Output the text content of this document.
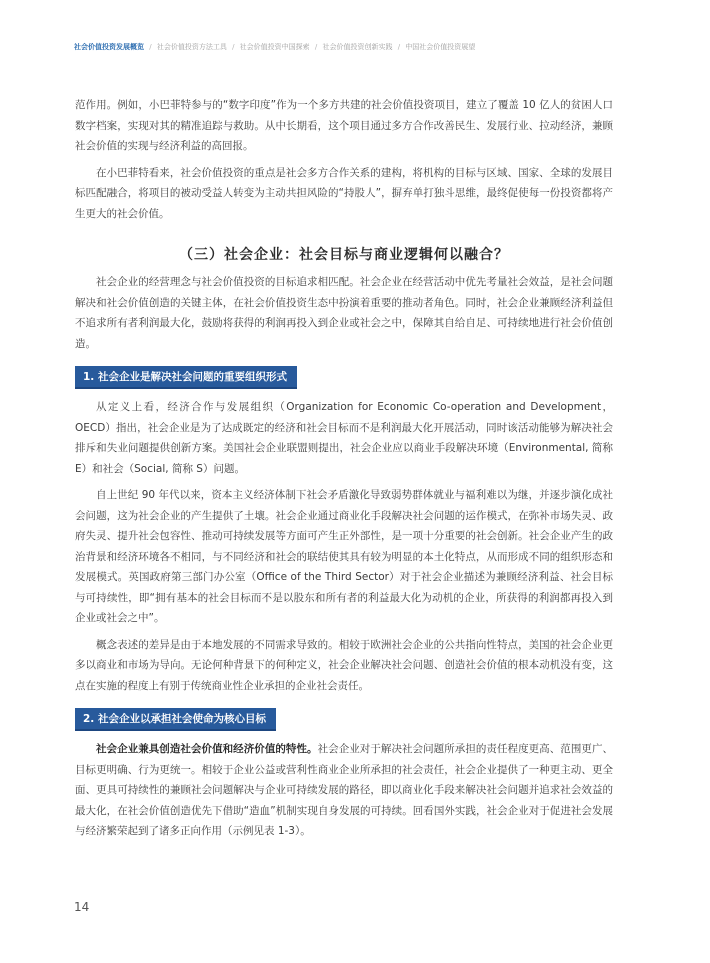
社会价值投资发展概览 / 社会价值投资方法工具 / 社会价值投资中国探索 / 社会价值投资创新实践 / 中国社会价值投资展望

范作用。例如，小巴菲特参与的“数字印度”作为一个多方共建的社会价值投资项目，建立了覆盖 10 亿人的贫困人口数字档案，实现对其的精准追踪与救助。从中长期看，这个项目通过多方合作改善民生、发展行业、拉动经济，兼顾社会价值的实现与经济利益的高回报。

在小巴菲特看来，社会价值投资的重点是社会多方合作关系的建构，将机构的目标与区域、国家、全球的发展目标匹配融合，将项目的被动受益人转变为主动共担风险的“持股人”，摒弃单打独斗思维，最终促使每一份投资都将产生更大的社会价值。

（三）社会企业：社会目标与商业逻辑何以融合？

社会企业的经营理念与社会价值投资的目标追求相匹配。社会企业在经营活动中优先考量社会效益，是社会问题解决和社会价值创造的关键主体，在社会价值投资生态中扮演着重要的推动者角色。同时，社会企业兼顾经济利益但不追求所有者利润最大化，鼓励将获得的利润再投入到企业或社会之中，保障其自给自足、可持续地进行社会价值创造。

1. 社会企业是解决社会问题的重要组织形式

从定义上看，经济合作与发展组织（Organization for Economic Co-operation and Development，OECD）指出，社会企业是为了达成既定的经济和社会目标而不是利润最大化开展活动，同时该活动能够为解决社会排斥和失业问题提供创新方案。美国社会企业联盟则提出，社会企业应以商业手段解决环境（Environmental, 简称 E）和社会（Social, 简称 S）问题。

自上世纪 90 年代以来，资本主义经济体制下社会矛盾激化导致弱势群体就业与福利难以为继，并逐步演化成社会问题，这为社会企业的产生提供了土壤。社会企业通过商业化手段解决社会问题的运作模式，在弥补市场失灵、政府失灵、提升社会包容性、推动可持续发展等方面可产生正外部性，是一项十分重要的社会创新。社会企业产生的政治背景和经济环境各不相同，与不同经济和社会的联结使其具有较为明显的本土化特点，从而形成不同的组织形态和发展模式。英国政府第三部门办公室（Office of the Third Sector）对于社会企业描述为兼顾经济利益、社会目标与可持续性，即“拥有基本的社会目标而不是以股东和所有者的利益最大化为动机的企业，所获得的利润都再投入到企业或社会之中”。

概念表述的差异是由于本地发展的不同需求导致的。相较于欧洲社会企业的公共指向性特点，美国的社会企业更多以商业和市场为导向。无论何种背景下的何种定义，社会企业解决社会问题、创造社会价值的根本动机没有变，这点在实施的程度上有别于传统商业性企业承担的企业社会责任。

2. 社会企业以承担社会使命为核心目标

社会企业兼具创造社会价值和经济价值的特性。社会企业对于解决社会问题所承担的责任程度更高、范围更广、目标更明确、行为更统一。相较于企业公益或营利性商业企业所承担的社会责任，社会企业提供了一种更主动、更全面、更具可持续性的兼顾社会问题解决与企业可持续发展的路径，即以商业化手段来解决社会问题并追求社会效益的最大化，在社会价值创造优先下借助“造血”机制实现自身发展的可持续。回看国外实践，社会企业对于促进社会发展与经济繁荣起到了诸多正向作用（示例见表 1-3）。

14
